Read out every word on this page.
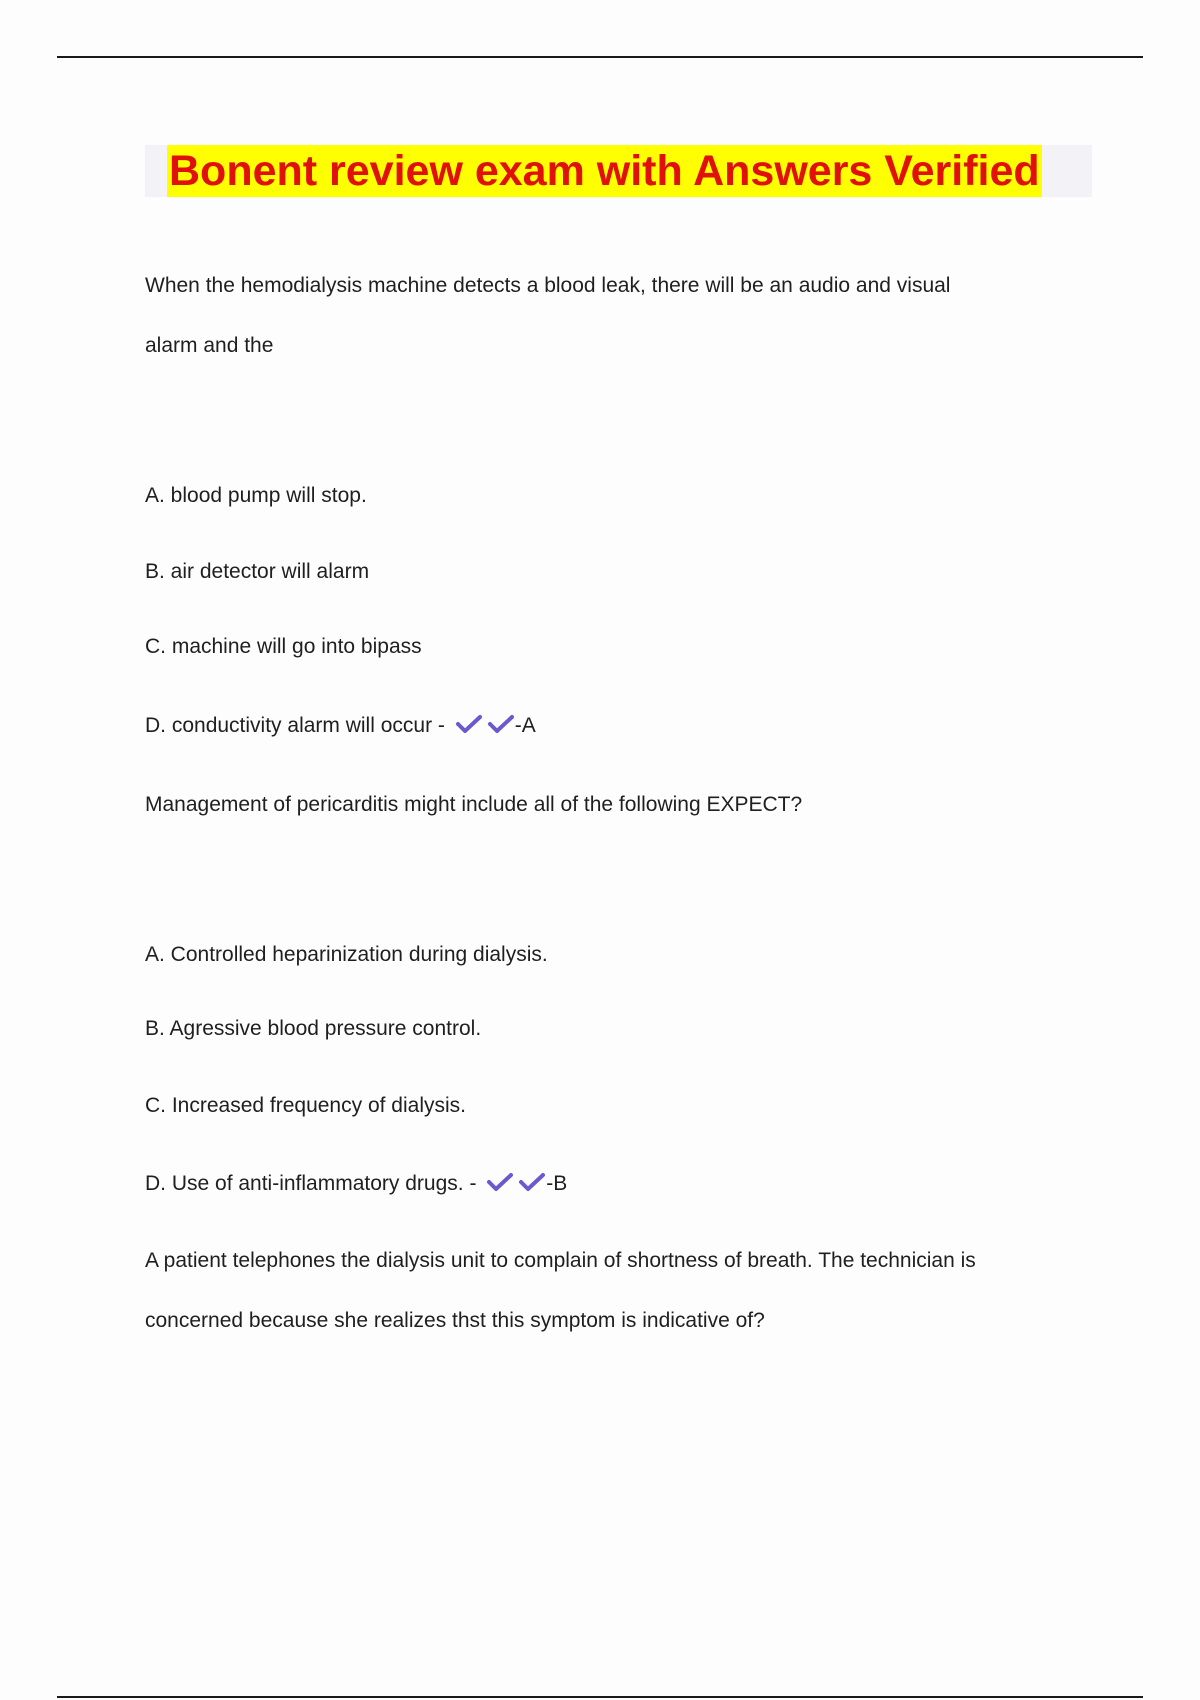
Bonent review exam with Answers Verified
When the hemodialysis machine detects a blood leak, there will be an audio and visual
alarm and the
A. blood pump will stop.
B. air detector will alarm
C. machine will go into bipass
D. conductivity alarm will occur -	-A
Management of pericarditis might include all of the following EXPECT?
A. Controlled heparinization during dialysis.
B. Agressive blood pressure control.
C. Increased frequency of dialysis.
D. Use of anti-inflammatory drugs. -	-B
A patient telephones the dialysis unit to complain of shortness of breath. The technician is
concerned because she realizes thst this symptom is indicative of?
